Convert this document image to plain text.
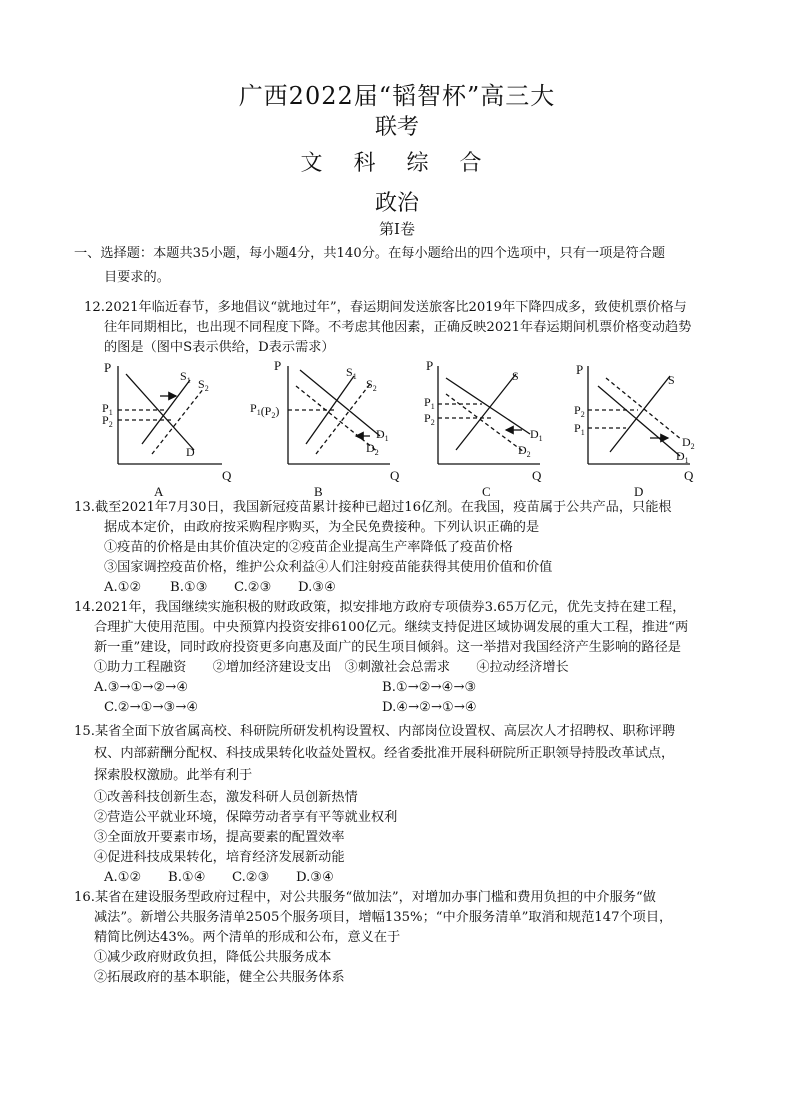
广西2022届“韬智杯”高三大
联考
文 科 综 合
政治
第Ⅰ卷
一、选择题：本题共35小题，每小题4分，共140分。在每小题给出的四个选项中，只有一项是符合题
目要求的。
12.2021年临近春节，多地倡议“就地过年”，春运期间发送旅客比2019年下降四成多，致使机票价格与
往年同期相比，也出现不同程度下降。不考虑其他因素，正确反映2021年春运期间机票价格变动趋势
的图是（图中S表示供给，D表示需求）
P
Q
A
P
Q
B
P
Q
C
P
Q
D
$S_1$ $S_2$
D
$P_1$
$P_2$
$S_1$
$S_2$
$D_1$
$D_2$
$P_1(P_2)$
S
$D_1$
$D_2$
$P_1$
$P_2$
S
$D_2$
$D_1$
$P_2$
$P_1$
13.截至2021年7月30日，我国新冠疫苗累计接种已超过16亿剂。在我国，疫苗属于公共产品，只能根
据成本定价，由政府按采购程序购买，为全民免费接种。下列认识正确的是
①疫苗的价格是由其价值决定的②疫苗企业提高生产率降低了疫苗价格
③国家调控疫苗价格，维护公众利益④人们注射疫苗能获得其使用价值和价值
A.①② B.①③ C.②③ D.③④
14.2021年，我国继续实施积极的财政政策，拟安排地方政府专项债券3.65万亿元，优先支持在建工程，
合理扩大使用范围。中央预算内投资安排6100亿元。继续支持促进区域协调发展的重大工程，推进“两
新一重”建设，同时政府投资更多向惠及面广的民生项目倾斜。这一举措对我国经济产生影响的路径是
①助力工程融资　　②增加经济建设支出　③刺激社会总需求　　④拉动经济增长
A.③→①→②→④	B.①→②→④→③
C.②→①→③→④	D.④→②→①→④
15.某省全面下放省属高校、科研院所研发机构设置权、内部岗位设置权、高层次人才招聘权、职称评聘
权、内部薪酬分配权、科技成果转化收益处置权。经省委批准开展科研院所正职领导持股改革试点，
探索股权激励。此举有利于
①改善科技创新生态，激发科研人员创新热情
②营造公平就业环境，保障劳动者享有平等就业权利
③全面放开要素市场，提高要素的配置效率
④促进科技成果转化，培育经济发展新动能
A.①② B.①④ C.②③ D.③④
16.某省在建设服务型政府过程中，对公共服务“做加法”，对增加办事门槛和费用负担的中介服务“做
减法”。新增公共服务清单2505个服务项目，增幅135%；“中介服务清单”取消和规范147个项目，
精简比例达43%。两个清单的形成和公布，意义在于
①减少政府财政负担，降低公共服务成本
②拓展政府的基本职能，健全公共服务体系
